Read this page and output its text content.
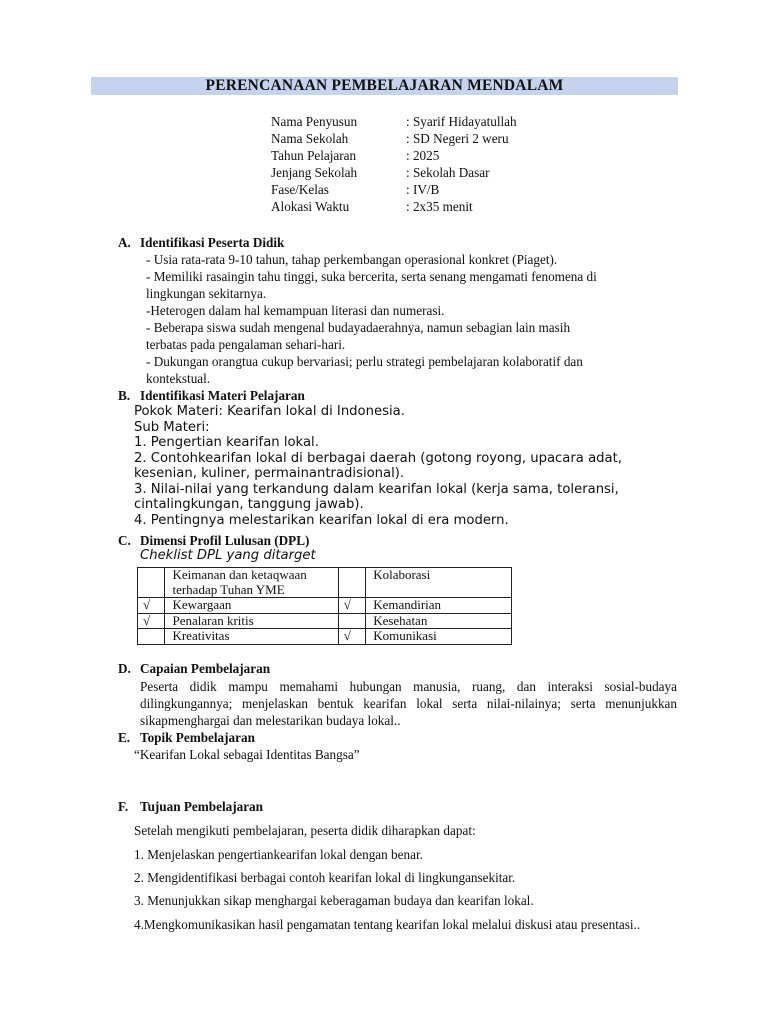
PERENCANAAN PEMBELAJARAN MENDALAM
Nama Penyusun	: Syarif Hidayatullah
Nama Sekolah	: SD Negeri 2 weru
Tahun Pelajaran	: 2025
Jenjang Sekolah	: Sekolah Dasar
Fase/Kelas	: IV/B
Alokasi Waktu	: 2x35 menit
A. Identifikasi Peserta Didik
- Usia rata-rata 9-10 tahun, tahap perkembangan operasional konkret (Piaget).
- Memiliki rasaingin tahu tinggi, suka bercerita, serta senang mengamati fenomena di
lingkungan sekitarnya.
-Heterogen dalam hal kemampuan literasi dan numerasi.
- Beberapa siswa sudah mengenal budayadaerahnya, namun sebagian lain masih
terbatas pada pengalaman sehari-hari.
- Dukungan orangtua cukup bervariasi; perlu strategi pembelajaran kolaboratif dan
kontekstual.
B. Identifikasi Materi Pelajaran
Pokok Materi: Kearifan lokal di Indonesia.
Sub Materi:
1. Pengertian kearifan lokal.
2. Contohkearifan lokal di berbagai daerah (gotong royong, upacara adat,
kesenian, kuliner, permainantradisional).
3. Nilai-nilai yang terkandung dalam kearifan lokal (kerja sama, toleransi,
cintalingkungan, tanggung jawab).
4. Pentingnya melestarikan kearifan lokal di era modern.
C. Dimensi Profil Lulusan (DPL)
Cheklist DPL yang ditarget

	Keimanan dan ketaqwaan
terhadap Tuhan YME		Kolaborasi
√	Kewargaan	√	Kemandirian
√	Penalaran kritis		Kesehatan
	Kreativitas	√	Komunikasi
D. Capaian Pembelajaran
Peserta didik mampu memahami hubungan manusia, ruang, dan interaksi sosial-budaya dilingkungannya; menjelaskan bentuk kearifan lokal serta nilai-nilainya; serta menunjukkan sikapmenghargai dan melestarikan budaya lokal..
E. Topik Pembelajaran
“Kearifan Lokal sebagai Identitas Bangsa”
F. Tujuan Pembelajaran
Setelah mengikuti pembelajaran, peserta didik diharapkan dapat:
1. Menjelaskan pengertiankearifan lokal dengan benar.
2. Mengidentifikasi berbagai contoh kearifan lokal di lingkungansekitar.
3. Menunjukkan sikap menghargai keberagaman budaya dan kearifan lokal.
4.Mengkomunikasikan hasil pengamatan tentang kearifan lokal melalui diskusi atau presentasi..
